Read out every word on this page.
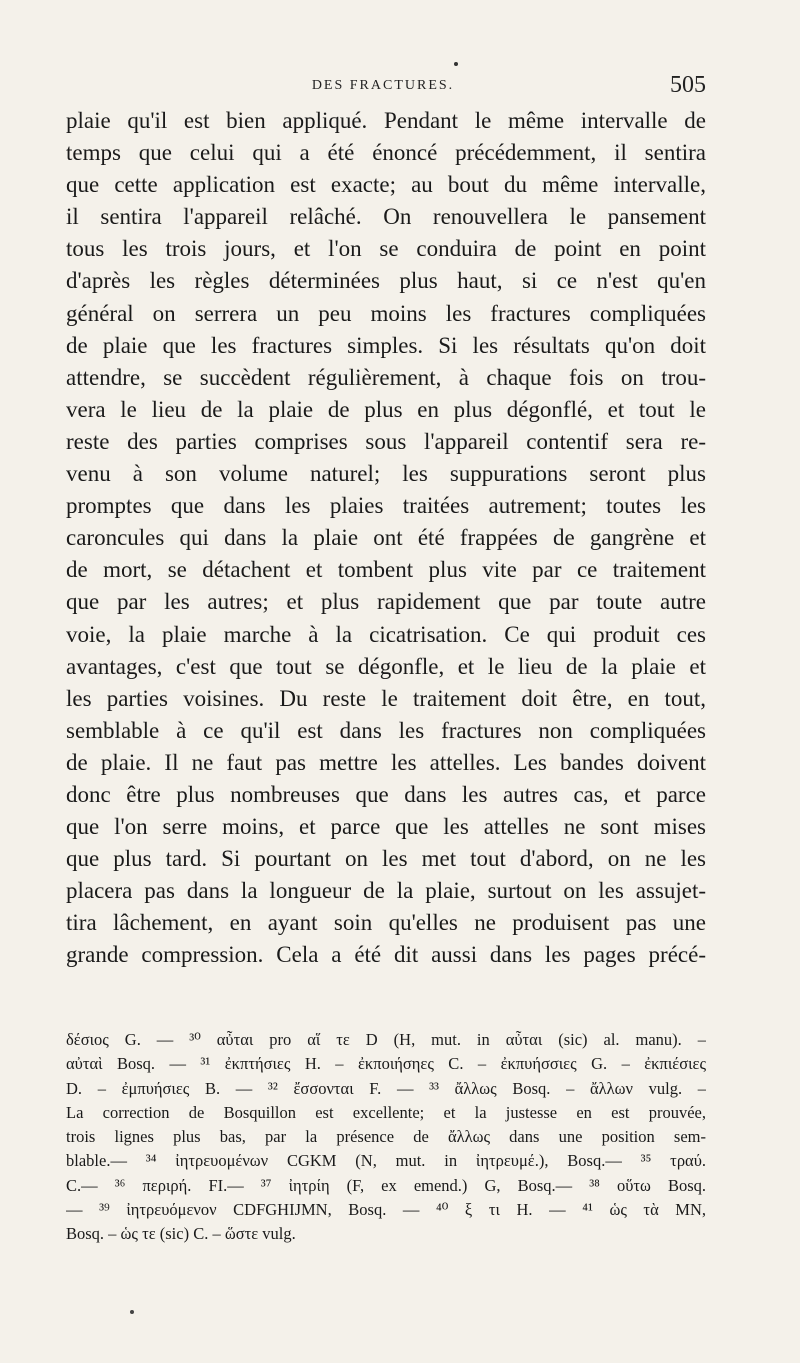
DES FRACTURES.	505
plaie qu'il est bien appliqué. Pendant le même intervalle de
temps que celui qui a été énoncé précédemment, il sentira
que cette application est exacte; au bout du même intervalle,
il sentira l'appareil relâché. On renouvellera le pansement
tous les trois jours, et l'on se conduira de point en point
d'après les règles déterminées plus haut, si ce n'est qu'en
général on serrera un peu moins les fractures compliquées
de plaie que les fractures simples. Si les résultats qu'on doit
attendre, se succèdent régulièrement, à chaque fois on trou-
vera le lieu de la plaie de plus en plus dégonflé, et tout le
reste des parties comprises sous l'appareil contentif sera re-
venu à son volume naturel; les suppurations seront plus
promptes que dans les plaies traitées autrement; toutes les
caroncules qui dans la plaie ont été frappées de gangrène et
de mort, se détachent et tombent plus vite par ce traitement
que par les autres; et plus rapidement que par toute autre
voie, la plaie marche à la cicatrisation. Ce qui produit ces
avantages, c'est que tout se dégonfle, et le lieu de la plaie et
les parties voisines. Du reste le traitement doit être, en tout,
semblable à ce qu'il est dans les fractures non compliquées
de plaie. Il ne faut pas mettre les attelles. Les bandes doivent
donc être plus nombreuses que dans les autres cas, et parce
que l'on serre moins, et parce que les attelles ne sont mises
que plus tard. Si pourtant on les met tout d'abord, on ne les
placera pas dans la longueur de la plaie, surtout on les assujet-
tira lâchement, en ayant soin qu'elles ne produisent pas une
grande compression. Cela a été dit aussi dans les pages précé-
δέσιος G. — ³⁰ αὖται pro αἵ τε D (H, mut. in αὖται (sic) al. manu). –
αὐταὶ Bosq. — ³¹ ἐκπτήσιες H. – ἐκποιήσηες C. – ἐκπυήσσιες G. – ἐκπιέσιες
D. – ἐμπυήσιες B. — ³² ἔσσονται F. — ³³ ἄλλως Bosq. – ἄλλων vulg. –
La correction de Bosquillon est excellente; et la justesse en est prouvée,
trois lignes plus bas, par la présence de ἄλλως dans une position sem-
blable.— ³⁴ ἰητρευομένων CGKM (N, mut. in ἰητρευμέ.), Bosq.— ³⁵ τραύ.
C.— ³⁶ περιρή. FI.— ³⁷ ἰητρίη (F, ex emend.) G, Bosq.— ³⁸ οὕτω Bosq.
— ³⁹ ἰητρευόμενον CDFGHIJMN, Bosq. — ⁴⁰ ξ τι H. — ⁴¹ ὡς τὰ MN,
Bosq. – ὡς τε (sic) C. – ὥστε vulg.
